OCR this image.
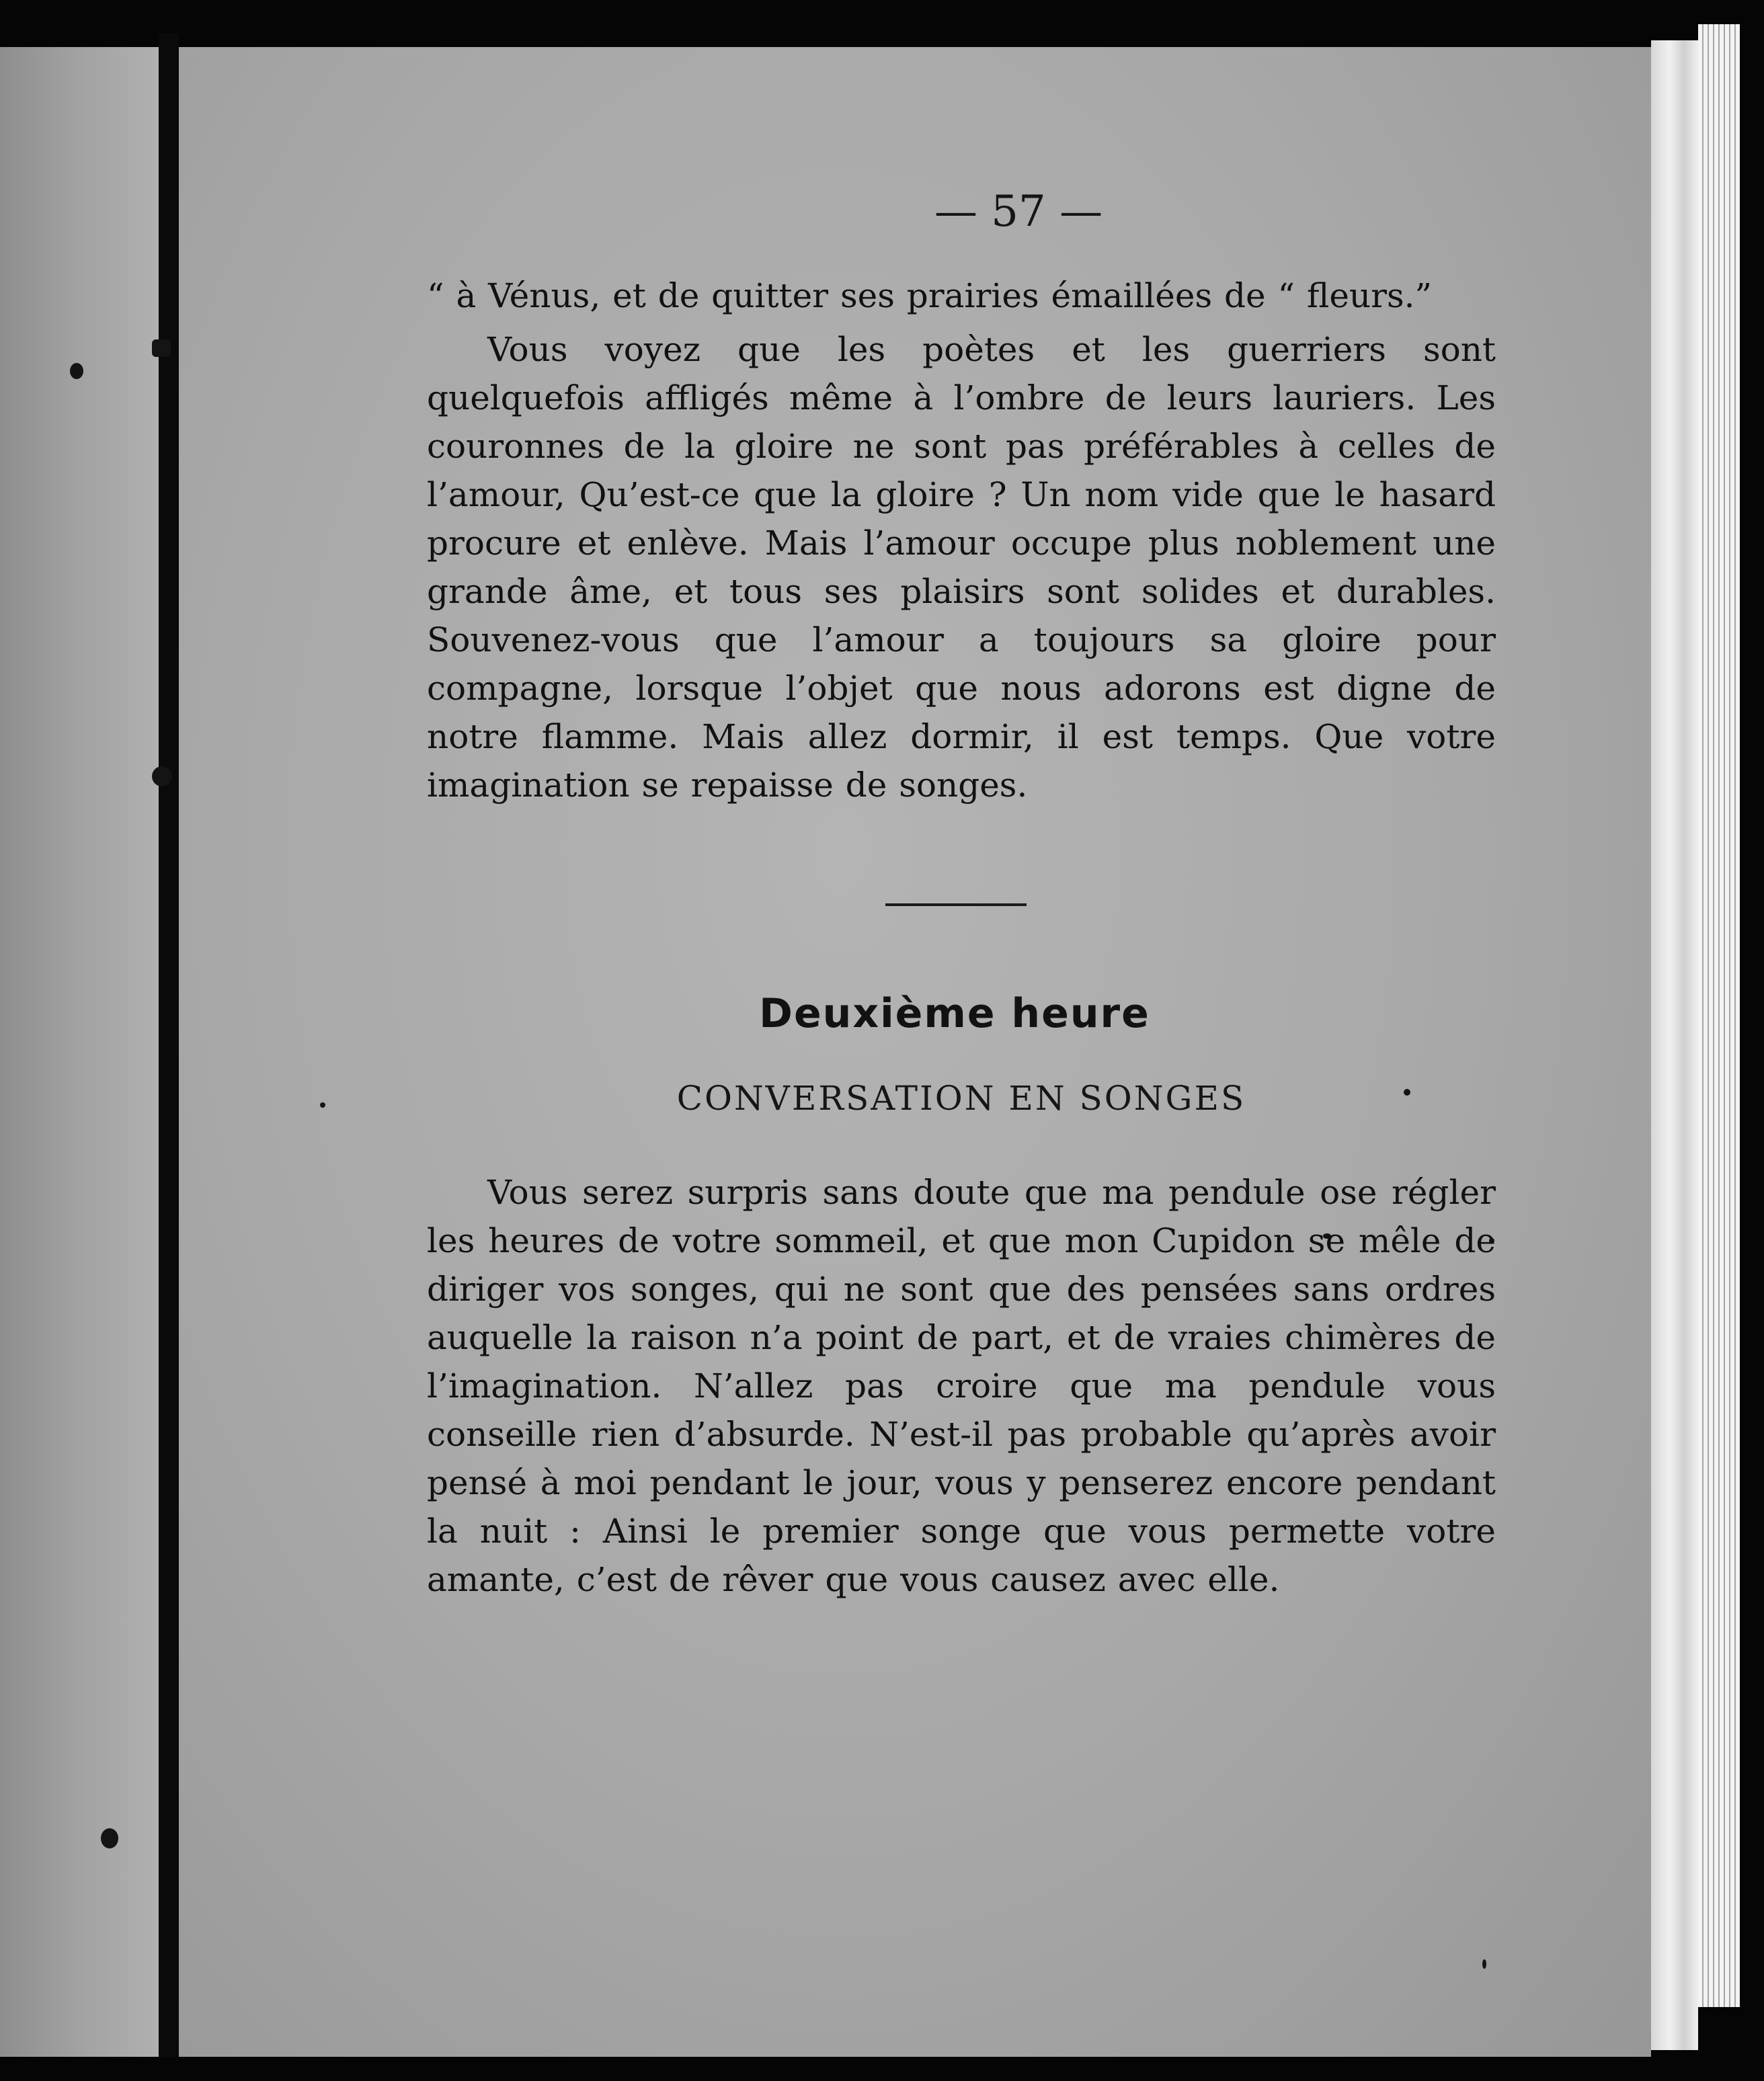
— 57 —

“ à Vénus, et de quitter ses prairies émaillées de “ fleurs.”

Vous voyez que les poètes et les guerriers sont quelquefois affligés même à l’ombre de leurs lauriers. Les couronnes de la gloire ne sont pas préférables à celles de l’amour, Qu’est-ce que la gloire ? Un nom vide que le hasard procure et enlève. Mais l’amour occupe plus noblement une grande âme, et tous ses plaisirs sont solides et durables. Souvenez-vous que l’amour a toujours sa gloire pour compagne, lorsque l’objet que nous adorons est digne de notre flamme. Mais allez dormir, il est temps. Que votre imagination se repaisse de songes.

Deuxième heure
CONVERSATION EN SONGES

Vous serez surpris sans doute que ma pendule ose régler les heures de votre sommeil, et que mon Cupidon se mêle de diriger vos songes, qui ne sont que des pensées sans ordres auquelle la raison n’a point de part, et de vraies chimères de l’imagination. N’allez pas croire que ma pendule vous conseille rien d’absurde. N’est-il pas probable qu’après avoir pensé à moi pendant le jour, vous y penserez encore pendant la nuit : Ainsi le premier songe que vous permette votre amante, c’est de rêver que vous causez avec elle.
